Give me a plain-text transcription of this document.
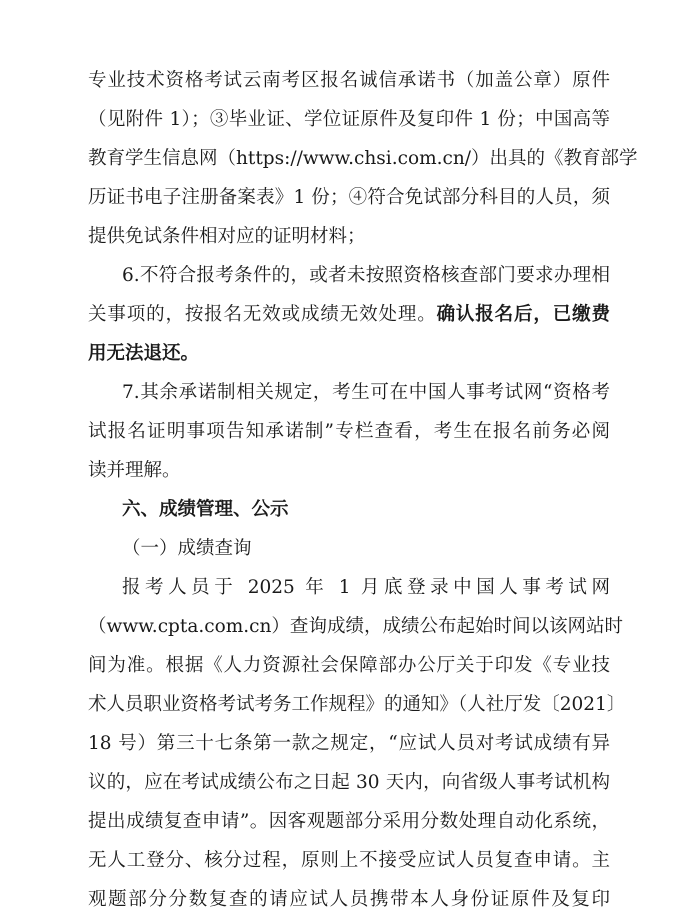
专业技术资格考试云南考区报名诚信承诺书（加盖公章）原件
（见附件 1）；③毕业证、学位证原件及复印件 1 份；中国高等
教育学生信息网（https://www.chsi.com.cn/）出具的《教育部学
历证书电子注册备案表》1 份；④符合免试部分科目的人员，须
提供免试条件相对应的证明材料；
6.不符合报考条件的，或者未按照资格核查部门要求办理相
关事项的，按报名无效或成绩无效处理。确认报名后，已缴费
用无法退还。
7.其余承诺制相关规定，考生可在中国人事考试网“资格考
试报名证明事项告知承诺制”专栏查看，考生在报名前务必阅
读并理解。
六、成绩管理、公示
（一）成绩查询
报考人员于 2025 年 1 月底登录中国人事考试网
（www.cpta.com.cn）查询成绩，成绩公布起始时间以该网站时
间为准。根据《人力资源社会保障部办公厅关于印发《专业技
术人员职业资格考试考务工作规程》的通知》（人社厅发〔2021〕
18 号）第三十七条第一款之规定，“应试人员对考试成绩有异
议的，应在考试成绩公布之日起 30 天内，向省级人事考试机构
提出成绩复查申请”。因客观题部分采用分数处理自动化系统，
无人工登分、核分过程，原则上不接受应试人员复查申请。主
观题部分分数复查的请应试人员携带本人身份证原件及复印
